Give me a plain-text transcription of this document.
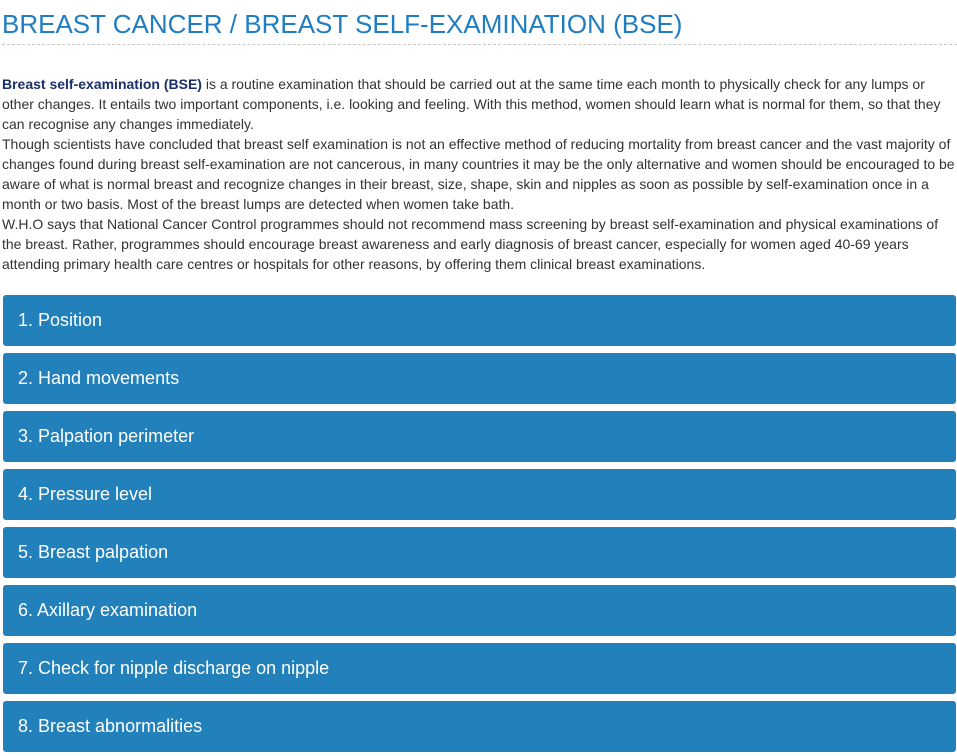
BREAST CANCER / BREAST SELF-EXAMINATION (BSE)

Breast self-examination (BSE) is a routine examination that should be carried out at the same time each month to physically check for any lumps or other changes. It entails two important components, i.e. looking and feeling. With this method, women should learn what is normal for them, so that they can recognise any changes immediately.

Though scientists have concluded that breast self examination is not an effective method of reducing mortality from breast cancer and the vast majority of changes found during breast self-examination are not cancerous, in many countries it may be the only alternative and women should be encouraged to be aware of what is normal breast and recognize changes in their breast, size, shape, skin and nipples as soon as possible by self-examination once in a month or two basis. Most of the breast lumps are detected when women take bath.

W.H.O says that National Cancer Control programmes should not recommend mass screening by breast self-examination and physical examinations of the breast. Rather, programmes should encourage breast awareness and early diagnosis of breast cancer, especially for women aged 40-69 years attending primary health care centres or hospitals for other reasons, by offering them clinical breast examinations.

1. Position
2. Hand movements
3. Palpation perimeter
4. Pressure level
5. Breast palpation
6. Axillary examination
7. Check for nipple discharge on nipple
8. Breast abnormalities
